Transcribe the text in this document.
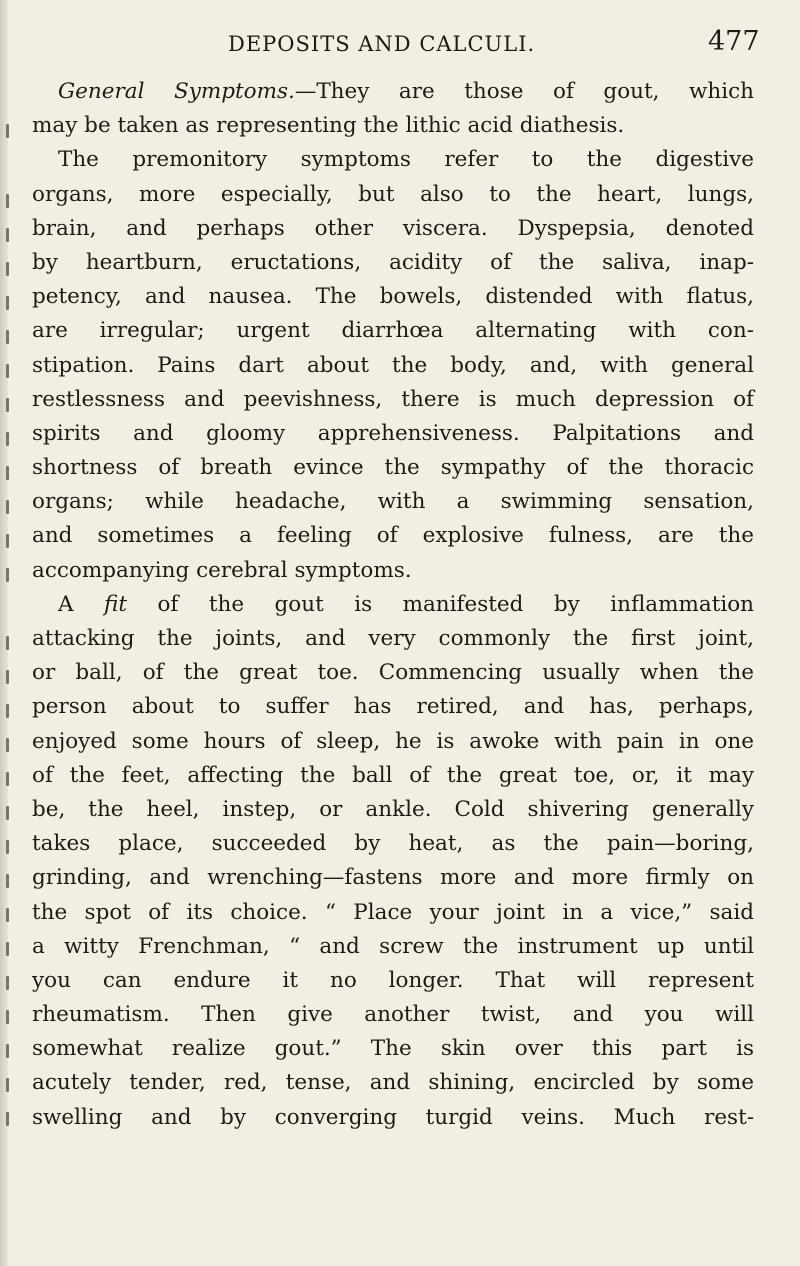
DEPOSITS AND CALCULI.	477
General Symptoms.—They are those of gout, which
may be taken as representing the lithic acid diathesis.
The premonitory symptoms refer to the digestive
organs, more especially, but also to the heart, lungs,
brain, and perhaps other viscera. Dyspepsia, denoted
by heartburn, eructations, acidity of the saliva, inap-
petency, and nausea. The bowels, distended with flatus,
are irregular; urgent diarrhœa alternating with con-
stipation. Pains dart about the body, and, with general
restlessness and peevishness, there is much depression of
spirits and gloomy apprehensiveness. Palpitations and
shortness of breath evince the sympathy of the thoracic
organs; while headache, with a swimming sensation,
and sometimes a feeling of explosive fulness, are the
accompanying cerebral symptoms.
A fit of the gout is manifested by inflammation
attacking the joints, and very commonly the first joint,
or ball, of the great toe. Commencing usually when the
person about to suffer has retired, and has, perhaps,
enjoyed some hours of sleep, he is awoke with pain in one
of the feet, affecting the ball of the great toe, or, it may
be, the heel, instep, or ankle. Cold shivering generally
takes place, succeeded by heat, as the pain—boring,
grinding, and wrenching—fastens more and more firmly on
the spot of its choice. “ Place your joint in a vice,” said
a witty Frenchman, “ and screw the instrument up until
you can endure it no longer. That will represent
rheumatism. Then give another twist, and you will
somewhat realize gout.” The skin over this part is
acutely tender, red, tense, and shining, encircled by some
swelling and by converging turgid veins. Much rest-
